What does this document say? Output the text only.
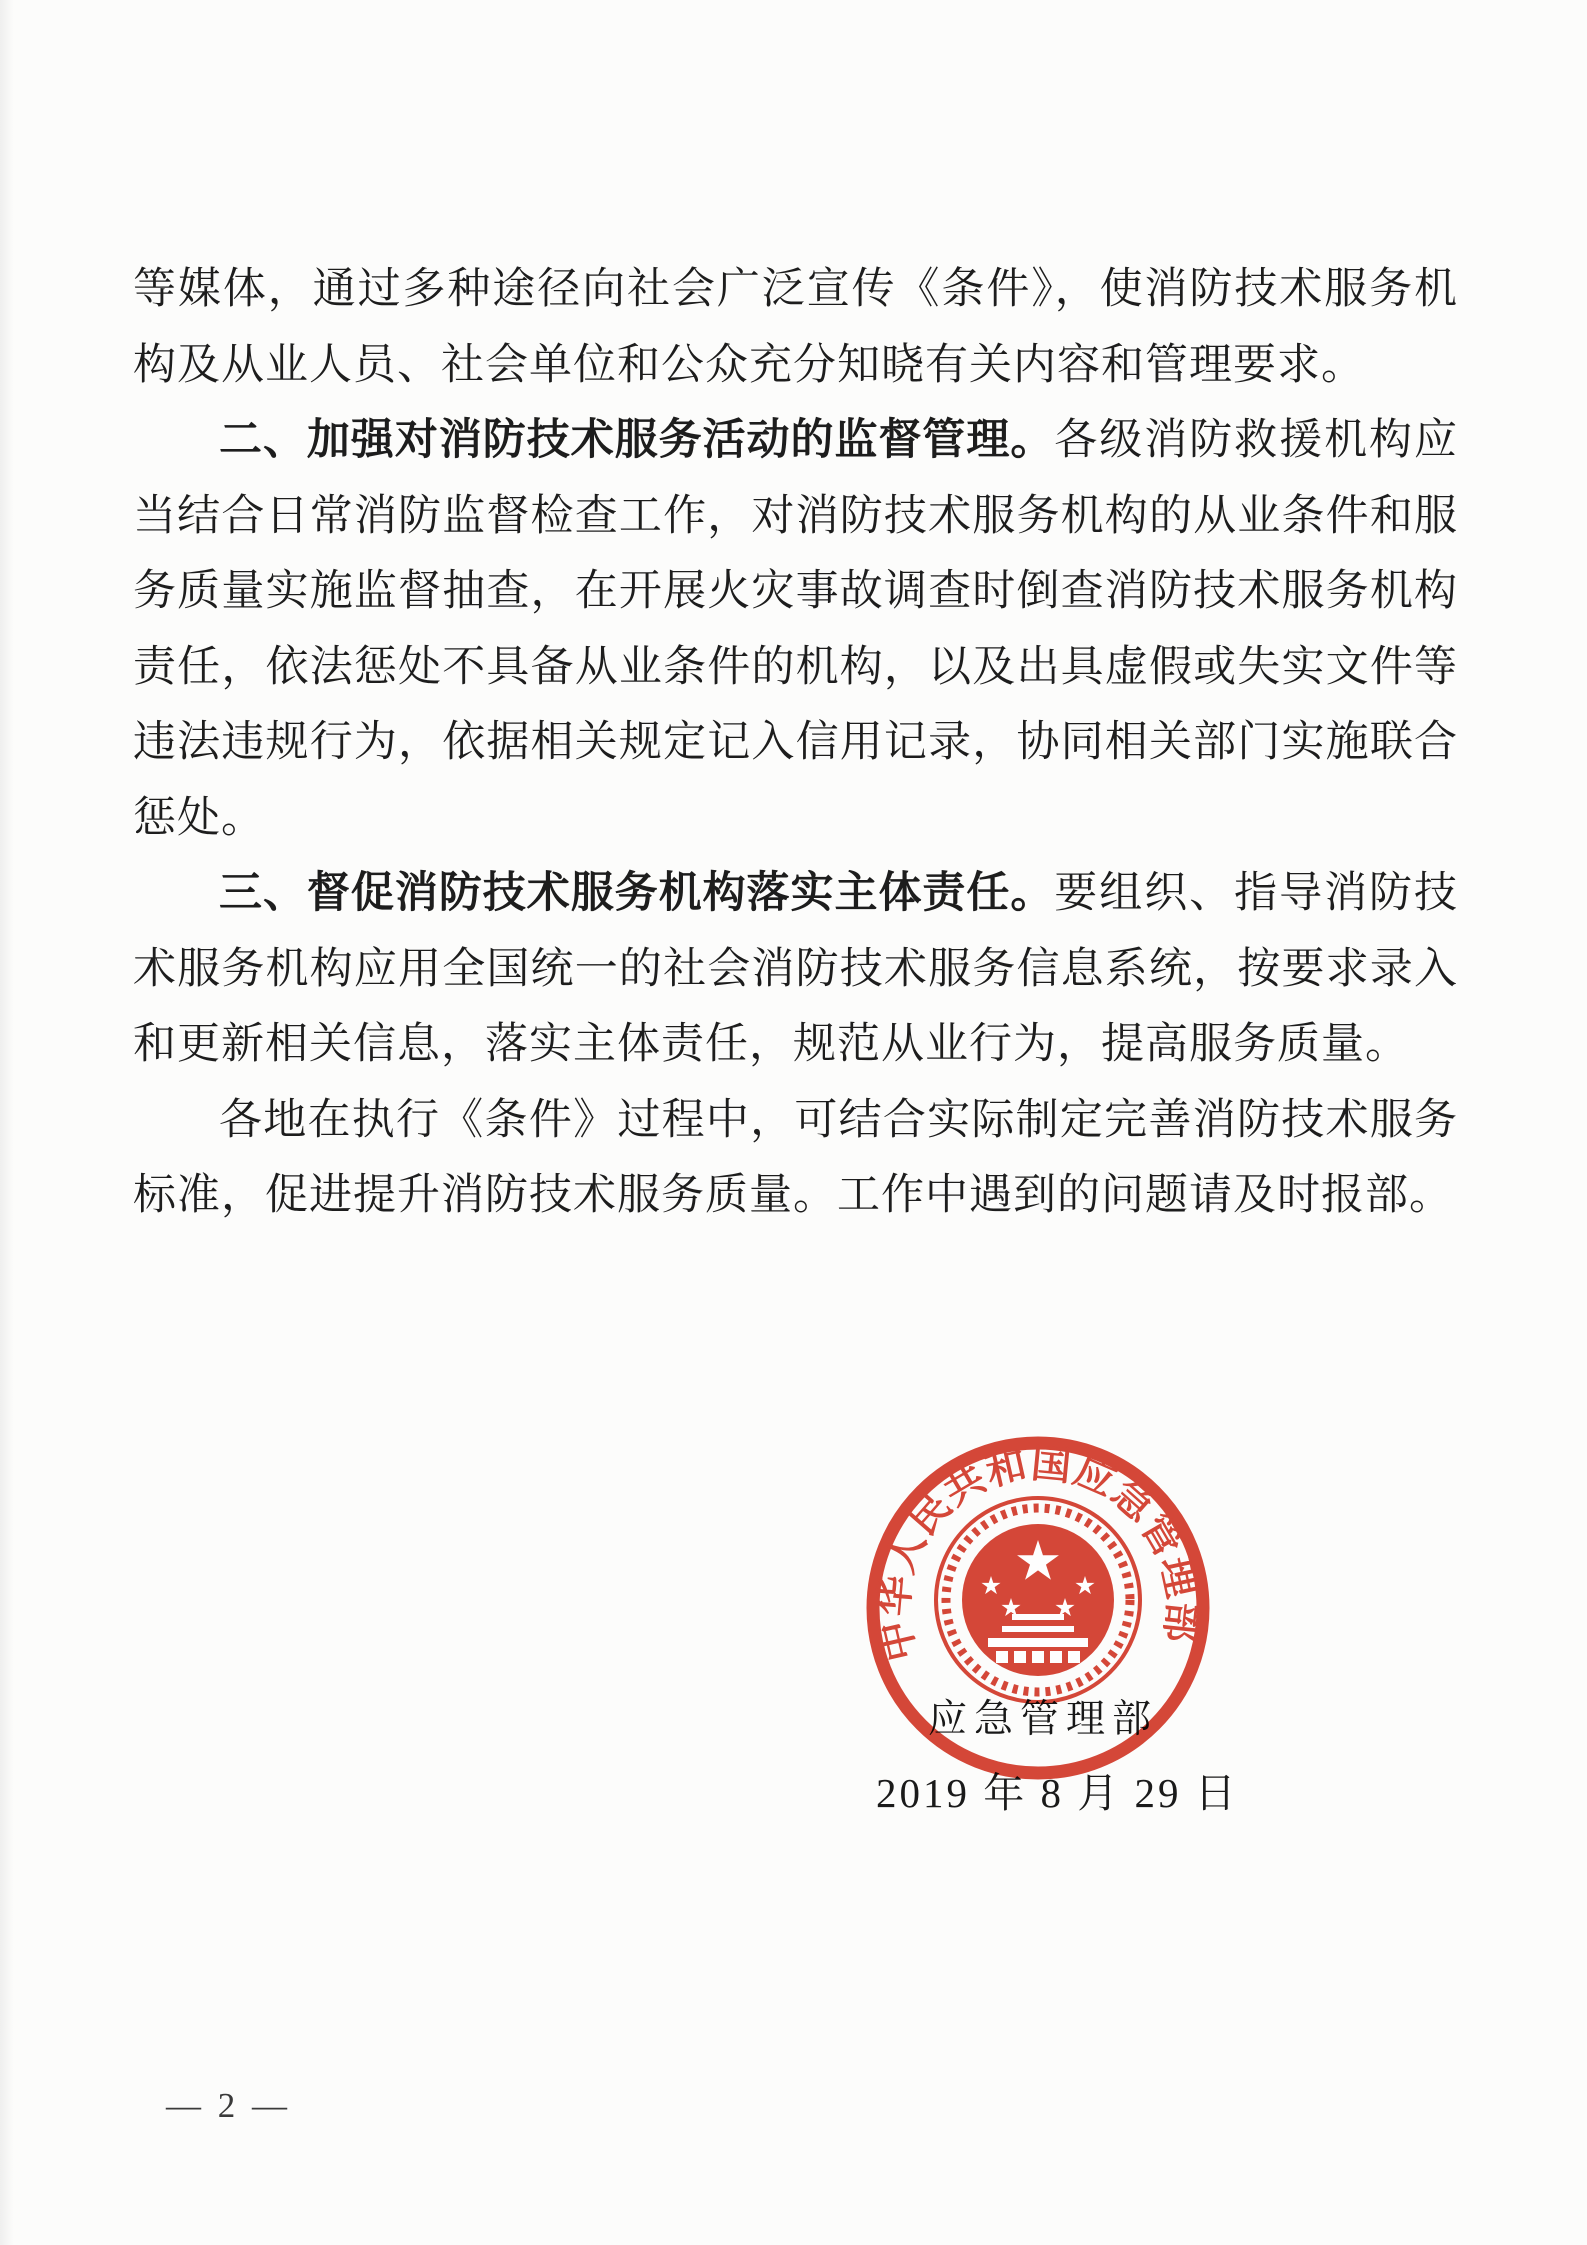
等媒体，通过多种途径向社会广泛宣传《条件》，使消防技术服务机构及从业人员、社会单位和公众充分知晓有关内容和管理要求。

二、加强对消防技术服务活动的监督管理。各级消防救援机构应当结合日常消防监督检查工作，对消防技术服务机构的从业条件和服务质量实施监督抽查，在开展火灾事故调查时倒查消防技术服务机构责任，依法惩处不具备从业条件的机构，以及出具虚假或失实文件等违法违规行为，依据相关规定记入信用记录，协同相关部门实施联合惩处。

三、督促消防技术服务机构落实主体责任。要组织、指导消防技术服务机构应用全国统一的社会消防技术服务信息系统，按要求录入和更新相关信息，落实主体责任，规范从业行为，提高服务质量。

各地在执行《条件》过程中，可结合实际制定完善消防技术服务标准，促进提升消防技术服务质量。工作中遇到的问题请及时报部。

中华人民共和国应急管理部
应急管理部
2019 年 8 月 29 日
— 2 —
